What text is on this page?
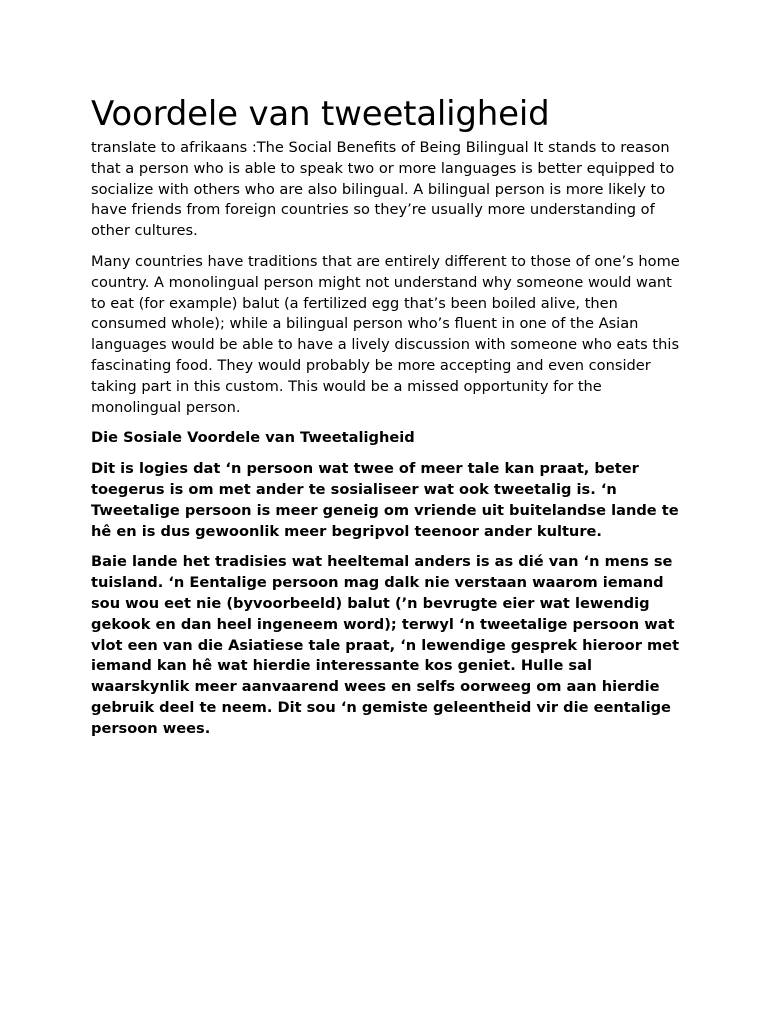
Voordele van tweetaligheid

translate to afrikaans :The Social Benefits of Being Bilingual It stands to reason that a person who is able to speak two or more languages is better equipped to socialize with others who are also bilingual. A bilingual person is more likely to have friends from foreign countries so they’re usually more understanding of other cultures.

Many countries have traditions that are entirely different to those of one’s home country. A monolingual person might not understand why someone would want to eat (for example) balut (a fertilized egg that’s been boiled alive, then consumed whole); while a bilingual person who’s fluent in one of the Asian languages would be able to have a lively discussion with someone who eats this fascinating food. They would probably be more accepting and even consider taking part in this custom. This would be a missed opportunity for the monolingual person.

Die Sosiale Voordele van Tweetaligheid

Dit is logies dat ‘n persoon wat twee of meer tale kan praat, beter toegerus is om met ander te sosialiseer wat ook tweetalig is. ‘n Tweetalige persoon is meer geneig om vriende uit buitelandse lande te hê en is dus gewoonlik meer begripvol teenoor ander kulture.

Baie lande het tradisies wat heeltemal anders is as dié van ‘n mens se tuisland. ‘n Eentalige persoon mag dalk nie verstaan waarom iemand sou wou eet nie (byvoorbeeld) balut (’n bevrugte eier wat lewendig gekook en dan heel ingeneem word); terwyl ‘n tweetalige persoon wat vlot een van die Asiatiese tale praat, ‘n lewendige gesprek hieroor met iemand kan hê wat hierdie interessante kos geniet. Hulle sal waarskynlik meer aanvaarend wees en selfs oorweeg om aan hierdie gebruik deel te neem. Dit sou ‘n gemiste geleentheid vir die eentalige persoon wees.
